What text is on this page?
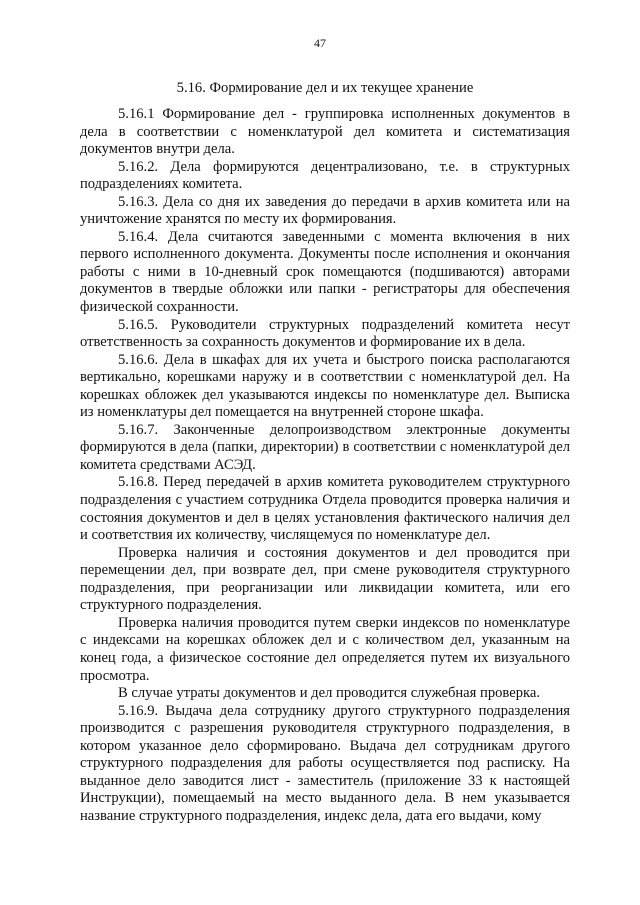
47
5.16. Формирование дел и их текущее хранение

5.16.1 Формирование дел - группировка исполненных документов в дела в соответствии с номенклатурой дел комитета и систематизация документов внутри дела.

5.16.2. Дела формируются децентрализовано, т.е. в структурных подразделениях комитета.

5.16.3. Дела со дня их заведения до передачи в архив комитета или на уничтожение хранятся по месту их формирования.

5.16.4. Дела считаются заведенными с момента включения в них первого исполненного документа. Документы после исполнения и окончания работы с ними в 10-дневный срок помещаются (подшиваются) авторами документов в твердые обложки или папки - регистраторы для обеспечения физической сохранности.

5.16.5. Руководители структурных подразделений комитета несут ответственность за сохранность документов и формирование их в дела.

5.16.6. Дела в шкафах для их учета и быстрого поиска располагаются вертикально, корешками наружу и в соответствии с номенклатурой дел. На корешках обложек дел указываются индексы по номенклатуре дел. Выписка из номенклатуры дел помещается на внутренней стороне шкафа.

5.16.7. Законченные делопроизводством электронные документы формируются в дела (папки, директории) в соответствии с номенклатурой дел комитета средствами АСЭД.

5.16.8. Перед передачей в архив комитета руководителем структурного подразделения с участием сотрудника Отдела проводится проверка наличия и состояния документов и дел в целях установления фактического наличия дел и соответствия их количеству, числящемуся по номенклатуре дел.

Проверка наличия и состояния документов и дел проводится при перемещении дел, при возврате дел, при смене руководителя структурного подразделения, при реорганизации или ликвидации комитета, или его структурного подразделения.

Проверка наличия проводится путем сверки индексов по номенклатуре с индексами на корешках обложек дел и с количеством дел, указанным на конец года, а физическое состояние дел определяется путем их визуального просмотра.

В случае утраты документов и дел проводится служебная проверка.

5.16.9. Выдача дела сотруднику другого структурного подразделения производится с разрешения руководителя структурного подразделения, в котором указанное дело сформировано. Выдача дел сотрудникам другого структурного подразделения для работы осуществляется под расписку. На выданное дело заводится лист - заместитель (приложение 33 к настоящей Инструкции), помещаемый на место выданного дела. В нем указывается название структурного подразделения, индекс дела, дата его выдачи, кому
